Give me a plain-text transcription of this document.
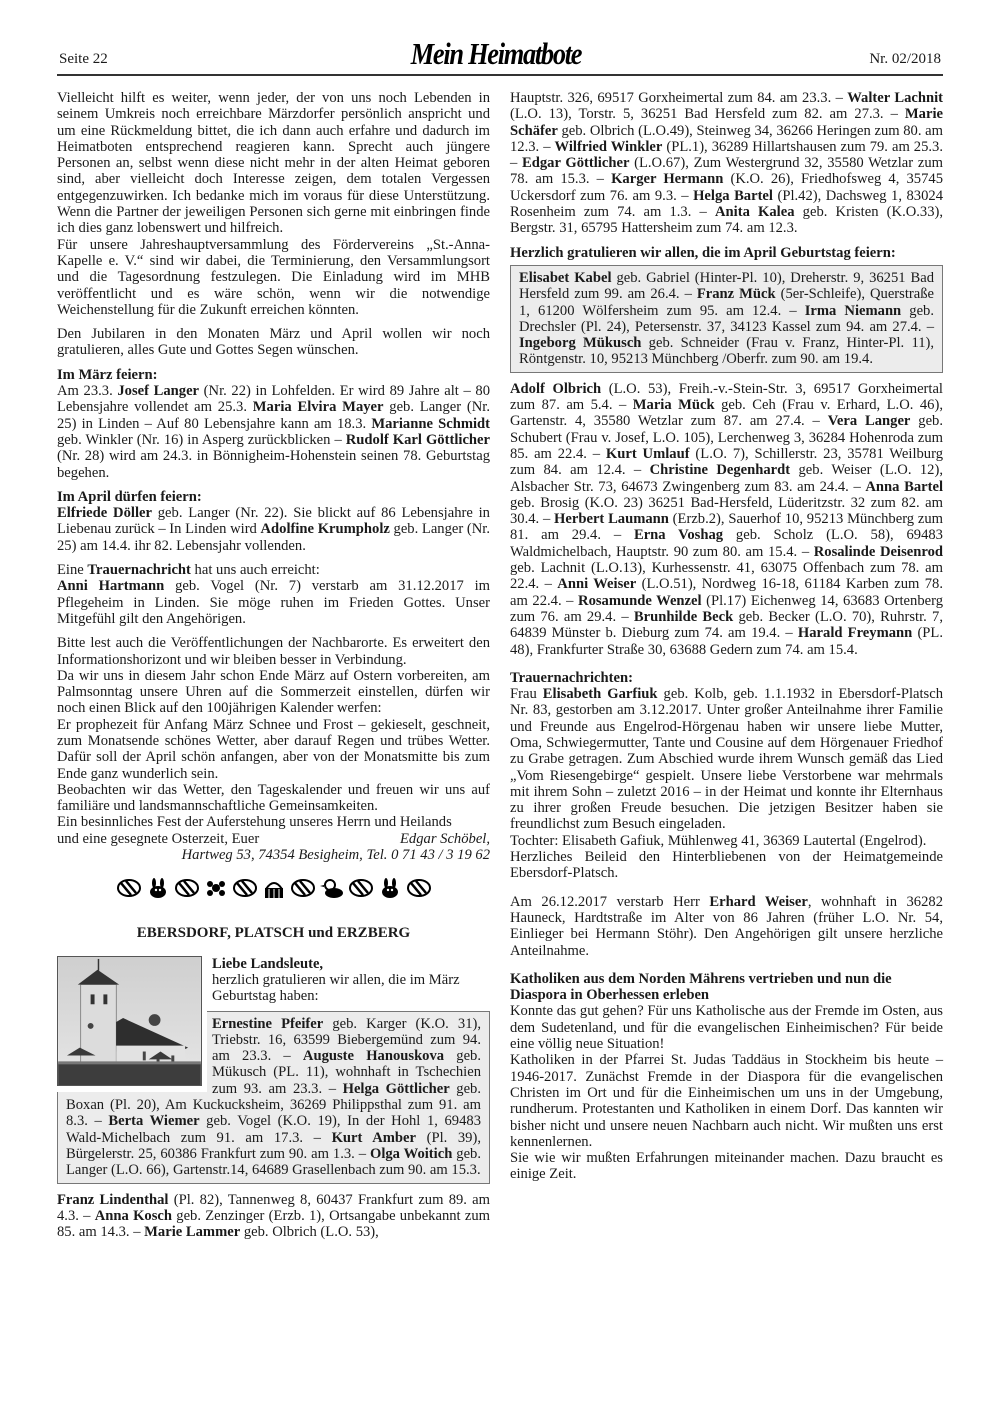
Seite 22	Mein Heimatbote	Nr. 02/2018

Vielleicht hilft es weiter, wenn jeder, der von uns noch Lebenden in seinem Umkreis noch erreichbare Märzdorfer persönlich anspricht und um eine Rückmeldung bittet, die ich dann auch erfahre und dadurch im Heimatboten entsprechend reagieren kann. Sprecht auch jüngere Personen an, selbst wenn diese nicht mehr in der alten Heimat geboren sind, aber vielleicht doch Interesse zeigen, dem totalen Vergessen entgegenzuwirken. Ich bedanke mich im voraus für diese Unterstützung. Wenn die Partner der jeweiligen Personen sich gerne mit einbringen finde ich dies ganz lobenswert und hilfreich.

Für unsere Jahreshauptversammlung des Fördervereins „St.-Anna-Kapelle e. V.“ sind wir dabei, die Terminierung, den Versammlungsort und die Tagesordnung festzulegen. Die Einladung wird im MHB veröffentlicht und es wäre schön, wenn wir die notwendige Weichenstellung für die Zukunft erreichen könnten.

Den Jubilaren in den Monaten März und April wollen wir noch gratulieren, alles Gute und Gottes Segen wünschen.

Im März feiern:

Am 23.3. Josef Langer (Nr. 22) in Lohfelden. Er wird 89 Jahre alt – 80 Lebensjahre vollendet am 25.3. Maria Elvira Mayer geb. Langer (Nr. 25) in Linden – Auf 80 Lebensjahre kann am 18.3. Marianne Schmidt geb. Winkler (Nr. 16) in Asperg zurückblicken – Rudolf Karl Göttlicher (Nr. 28) wird am 24.3. in Bönnigheim-Hohenstein seinen 78. Geburtstag begehen.

Im April dürfen feiern:

Elfriede Döller geb. Langer (Nr. 22). Sie blickt auf 86 Lebensjahre in Liebenau zurück – In Linden wird Adolfine Krumpholz geb. Langer (Nr. 25) am 14.4. ihr 82. Lebensjahr vollenden.

Eine Trauernachricht hat uns auch erreicht:

Anni Hartmann geb. Vogel (Nr. 7) verstarb am 31.12.2017 im Pflegeheim in Linden. Sie möge ruhen im Frieden Gottes. Unser Mitgefühl gilt den Angehörigen.

Bitte lest auch die Veröffentlichungen der Nachbarorte. Es erweitert den Informationshorizont und wir bleiben besser in Verbindung.

Da wir uns in diesem Jahr schon Ende März auf Ostern vorbereiten, am Palmsonntag unsere Uhren auf die Sommerzeit einstellen, dürfen wir noch einen Blick auf den 100jährigen Kalender werfen:

Er prophezeit für Anfang März Schnee und Frost – gekieselt, geschneit, zum Monatsende schönes Wetter, aber darauf Regen und trübes Wetter. Dafür soll der April schön anfangen, aber von der Monatsmitte bis zum Ende ganz wunderlich sein.

Beobachten wir das Wetter, den Tageskalender und freuen wir uns auf familiäre und landsmannschaftliche Gemeinsamkeiten.

Ein besinnliches Fest der Auferstehung unseres Herrn und Heilands

und eine gesegnete Osterzeit, Euer	Edgar Schöbel,
Hartweg 53, 74354 Besigheim, Tel. 0 71 43 / 3 19 62
EBERSDORF, PLATSCH und ERZBERG
Liebe Landsleute,

herzlich gratulieren wir allen, die im März Geburtstag haben:

Ernestine Pfeifer geb. Karger (K.O. 31), Triebstr. 16, 63599 Biebergemünd zum 94. am 23.3. – Auguste Hanouskova geb. Mükusch (PL. 11), wohnhaft in Tschechien zum 93. am 23.3. – Helga Göttlicher geb. Boxan (Pl. 20), Am Kuckucksheim, 36269 Philippsthal zum 91. am 8.3. – Berta Wiemer geb. Vogel (K.O. 19), In der Hohl 1, 69483 Wald-Michelbach zum 91. am 17.3. – Kurt Amber (Pl. 39), Bürgelerstr. 25, 60386 Frankfurt zum 90. am 1.3. – Olga Woitich geb. Langer (L.O. 66), Gartenstr.14, 64689 Grasellenbach zum 90. am 15.3.

Franz Lindenthal (Pl. 82), Tannenweg 8, 60437 Frankfurt zum 89. am 4.3. – Anna Kosch geb. Zenzinger (Erzb. 1), Ortsangabe unbekannt zum 85. am 14.3. – Marie Lammer geb. Olbrich (L.O. 53),

Hauptstr. 326, 69517 Gorxheimertal zum 84. am 23.3. – Walter Lachnit (L.O. 13), Torstr. 5, 36251 Bad Hersfeld zum 82. am 27.3. – Marie Schäfer geb. Olbrich (L.O.49), Steinweg 34, 36266 Heringen zum 80. am 12.3. – Wilfried Winkler (PL.1), 36289 Hillartshausen zum 79. am 25.3. – Edgar Göttlicher (L.O.67), Zum Westergrund 32, 35580 Wetzlar zum 78. am 15.3. – Karger Hermann (K.O. 26), Friedhofsweg 4, 35745 Uckersdorf zum 76. am 9.3. – Helga Bartel (Pl.42), Dachsweg 1, 83024 Rosenheim zum 74. am 1.3. – Anita Kalea geb. Kristen (K.O.33), Bergstr. 31, 65795 Hattersheim zum 74. am 12.3.

Herzlich gratulieren wir allen, die im April Geburtstag feiern:
Elisabet Kabel geb. Gabriel (Hinter-Pl. 10), Dreherstr. 9, 36251 Bad Hersfeld zum 99. am 26.4. – Franz Mück (5er-Schleife), Querstraße 1, 61200 Wölfersheim zum 95. am 12.4. – Irma Niemann geb. Drechsler (Pl. 24), Petersenstr. 37, 34123 Kassel zum 94. am 27.4. – Ingeborg Mükusch geb. Schneider (Frau v. Franz, Hinter-Pl. 11), Röntgenstr. 10, 95213 Münchberg /Oberfr. zum 90. am 19.4.

Adolf Olbrich (L.O. 53), Freih.-v.-Stein-Str. 3, 69517 Gorxheimertal zum 87. am 5.4. – Maria Mück geb. Ceh (Frau v. Erhard, L.O. 46), Gartenstr. 4, 35580 Wetzlar zum 87. am 27.4. – Vera Langer geb. Schubert (Frau v. Josef, L.O. 105), Lerchenweg 3, 36284 Hohenroda zum 85. am 22.4. – Kurt Umlauf (L.O. 7), Schillerstr. 23, 35781 Weilburg zum 84. am 12.4. – Christine Degenhardt geb. Weiser (L.O. 12), Alsbacher Str. 73, 64673 Zwingenberg zum 83. am 24.4. – Anna Bartel geb. Brosig (K.O. 23) 36251 Bad-Hersfeld, Lüderitzstr. 32 zum 82. am 30.4. – Herbert Laumann (Erzb.2), Sauerhof 10, 95213 Münchberg zum 81. am 29.4. – Erna Voshag geb. Scholz (L.O. 58), 69483 Waldmichelbach, Hauptstr. 90 zum 80. am 15.4. – Rosalinde Deisenrod geb. Lachnit (L.O.13), Kurhessenstr. 41, 63075 Offenbach zum 78. am 22.4. – Anni Weiser (L.O.51), Nordweg 16-18, 61184 Karben zum 78. am 22.4. – Rosamunde Wenzel (Pl.17) Eichenweg 14, 63683 Ortenberg zum 76. am 29.4. – Brunhilde Beck geb. Becker (L.O. 70), Ruhrstr. 7, 64839 Münster b. Dieburg zum 74. am 19.4. – Harald Freymann (PL. 48), Frankfurter Straße 30, 63688 Gedern zum 74. am 15.4.

Trauernachrichten:

Frau Elisabeth Garfiuk geb. Kolb, geb. 1.1.1932 in Ebersdorf-Platsch Nr. 83, gestorben am 3.12.2017. Unter großer Anteilnahme ihrer Familie und Freunde aus Engelrod-Hörgenau haben wir unsere liebe Mutter, Oma, Schwiegermutter, Tante und Cousine auf dem Hörgenauer Friedhof zu Grabe getragen. Zum Abschied wurde ihrem Wunsch gemäß das Lied „Vom Riesengebirge“ gespielt. Unsere liebe Verstorbene war mehrmals mit ihrem Sohn – zuletzt 2016 – in der Heimat und konnte ihr Elternhaus zu ihrer großen Freude besuchen. Die jetzigen Besitzer haben sie freundlichst zum Besuch eingeladen.

Tochter: Elisabeth Gafiuk, Mühlenweg 41, 36369 Lautertal (Engelrod).

Herzliches Beileid den Hinterbliebenen von der Heimatgemeinde Ebersdorf-Platsch.

Am 26.12.2017 verstarb Herr Erhard Weiser, wohnhaft in 36282 Hauneck, Hardtstraße im Alter von 86 Jahren (früher L.O. Nr. 54, Einlieger bei Hermann Stöhr). Den Angehörigen gilt unsere herzliche Anteilnahme.

Katholiken aus dem Norden Mährens vertrieben und nun die Diaspora in Oberhessen erleben

Konnte das gut gehen? Für uns Katholische aus der Fremde im Osten, aus dem Sudetenland, und für die evangelischen Einheimischen? Für beide eine völlig neue Situation!

Katholiken in der Pfarrei St. Judas Taddäus in Stockheim bis heute – 1946-2017. Zunächst Fremde in der Diaspora für die evangelischen Christen im Ort und für die Einheimischen um uns in der Umgebung, rundherum. Protestanten und Katholiken in einem Dorf. Das kannten wir bisher nicht und unsere neuen Nachbarn auch nicht. Wir mußten uns erst kennenlernen.

Sie wie wir mußten Erfahrungen miteinander machen. Dazu braucht es einige Zeit.
